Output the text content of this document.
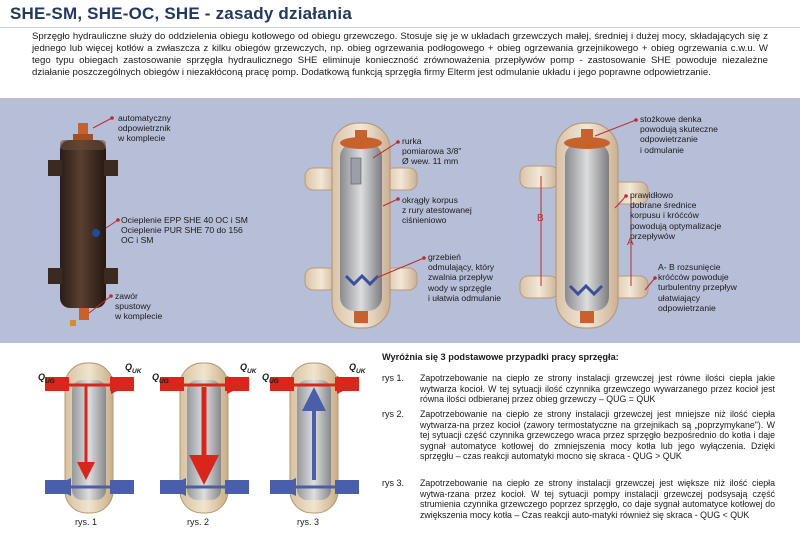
SHE-SM, SHE-OC, SHE - zasady działania
Sprzęgło hydrauliczne służy do oddzielenia obiegu kotłowego od obiegu grzewczego. Stosuje się je w układach grzewczych małej, średniej i dużej mocy, składających się z jednego lub więcej kotłów a zwłaszcza z kilku obiegów grzewczych, np. obieg ogrzewania podłogowego + obieg ogrzewania grzejnikowego + obieg ogrzewania c.w.u. W tego typu obiegach zastosowanie sprzęgła hydraulicznego SHE eliminuje konieczność zrównoważenia przepływów pomp - zastosowanie SHE powoduje niezależne działanie poszczególnych obiegów i niezakłóconą pracę pomp. Dodatkową funkcją sprzęgła firmy Elterm jest odmulanie układu i jego poprawne odpowietrzanie.
automatyczny
odpowietrznik
w komplecie
Ocieplenie EPP SHE 40 OC i SM
Ocieplenie PUR SHE 70 do 156
OC i SM
zawór
spustowy
w komplecie
rurka
pomiarowa 3/8"
Ø wew. 11 mm
okrągły korpus
z rury atestowanej
ciśnieniowo
grzebień
odmulający, który
zwalnia przepływ
wody w sprzęgle
i ułatwia odmulanie
stożkowe denka
powodują skuteczne
odpowietrzanie
i odmulanie
prawidłowo
dobrane średnice
korpusu i króćców
powodują optymalizacje
przepływów
A- B rozsunięcie
króćców powoduje
turbulentny przepływ
ułatwiający
odpowietrzanie
B
A
$Q_{UG}$
$Q_{UK}$
$Q_{UG}$
$Q_{UK}$
$Q_{UG}$
$Q_{UK}$
rys. 1	rys. 2	rys. 3
Wyróżnia się 3 podstawowe przypadki pracy sprzęgła:
rys 1. Zapotrzebowanie na ciepło ze strony instalacji grzewczej jest równe ilości ciepła jakie wytwarza kocioł. W tej sytuacji ilość czynnika grzewczego wywarzanego przez kocioł jest równa ilości odbieranej przez obieg grzewczy – QUG = QUK
rys 2. Zapotrzebowanie na ciepło ze strony instalacji grzewczej jest mniejsze niż ilość ciepła wytwarza-na przez kocioł (zawory termostatyczne na grzejnikach są „poprzymykane"). W tej sytuacji część czynnika grzewczego wraca przez sprzęgło bezpośrednio do kotła i daje sygnał automatyce kotłowej do zmniejszenia mocy kotła lub jego wyłączenia. Dzięki sprzęgłu – czas reakcji automatyki mocno się skraca - QUG > QUK
rys 3. Zapotrzebowanie na ciepło ze strony instalacji grzewczej jest większe niż ilość ciepła wytwa-rzana przez kocioł. W tej sytuacji pompy instalacji grzewczej podsysają część strumienia czynnika grzewczego poprzez sprzęgło, co daje sygnał automatyce kotłowej do zwiększenia mocy kotła – Czas reakcji auto-matyki również się skraca - QUG < QUK
